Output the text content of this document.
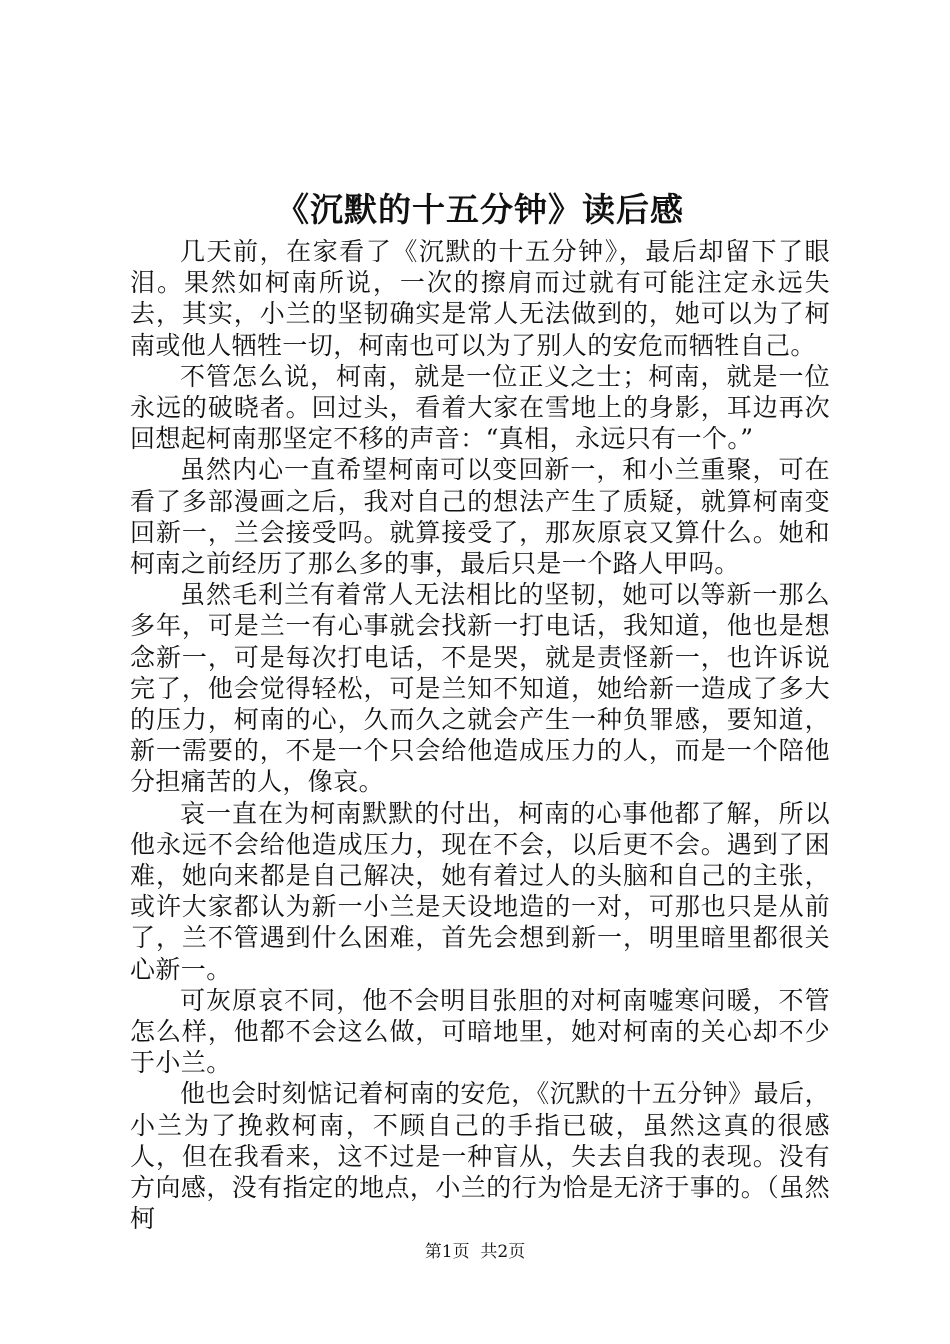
《沉默的十五分钟》读后感

几天前，在家看了《沉默的十五分钟》，最后却留下了眼泪。果然如柯南所说，一次的擦肩而过就有可能注定永远失去，其实，小兰的坚韧确实是常人无法做到的，她可以为了柯南或他人牺牲一切，柯南也可以为了别人的安危而牺牲自己。

不管怎么说，柯南，就是一位正义之士；柯南，就是一位永远的破晓者。回过头，看着大家在雪地上的身影，耳边再次回想起柯南那坚定不移的声音：“真相，永远只有一个。”

虽然内心一直希望柯南可以变回新一，和小兰重聚，可在看了多部漫画之后，我对自己的想法产生了质疑，就算柯南变回新一，兰会接受吗。就算接受了，那灰原哀又算什么。她和柯南之前经历了那么多的事，最后只是一个路人甲吗。

虽然毛利兰有着常人无法相比的坚韧，她可以等新一那么多年，可是兰一有心事就会找新一打电话，我知道，他也是想念新一，可是每次打电话，不是哭，就是责怪新一，也许诉说完了，他会觉得轻松，可是兰知不知道，她给新一造成了多大的压力，柯南的心，久而久之就会产生一种负罪感，要知道，新一需要的，不是一个只会给他造成压力的人，而是一个陪他分担痛苦的人，像哀。

哀一直在为柯南默默的付出，柯南的心事他都了解，所以他永远不会给他造成压力，现在不会，以后更不会。遇到了困难，她向来都是自己解决，她有着过人的头脑和自己的主张，或许大家都认为新一小兰是天设地造的一对，可那也只是从前了，兰不管遇到什么困难，首先会想到新一，明里暗里都很关心新一。

可灰原哀不同，他不会明目张胆的对柯南嘘寒问暖，不管怎么样，他都不会这么做，可暗地里，她对柯南的关心却不少于小兰。

他也会时刻惦记着柯南的安危，《沉默的十五分钟》最后，小兰为了挽救柯南，不顾自己的手指已破，虽然这真的很感人，但在我看来，这不过是一种盲从，失去自我的表现。没有方向感，没有指定的地点，小兰的行为恰是无济于事的。（虽然柯

第1页 共2页
